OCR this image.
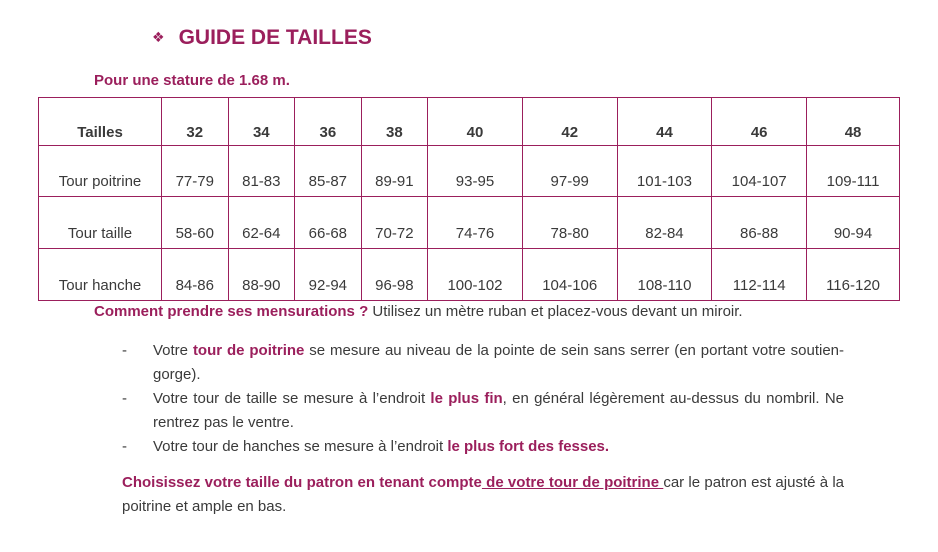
❖ GUIDE DE TAILLES
Pour une stature de 1.68 m.
Tailles	32	34	36	38	40	42	44	46	48
Tour poitrine	77-79	81-83	85-87	89-91	93-95	97-99	101-103	104-107	109-111
Tour taille	58-60	62-64	66-68	70-72	74-76	78-80	82-84	86-88	90-94
Tour hanche	84-86	88-90	92-94	96-98	100-102	104-106	108-110	112-114	116-120
Comment prendre ses mensurations ? Utilisez un mètre ruban et placez-vous devant un miroir.
- Votre tour de poitrine se mesure au niveau de la pointe de sein sans serrer (en portant votre soutien-gorge).
- Votre tour de taille se mesure à l’endroit le plus fin, en général légèrement au-dessus du nombril. Ne rentrez pas le ventre.
- Votre tour de hanches se mesure à l’endroit le plus fort des fesses.
Choisissez votre taille du patron en tenant compte de votre tour de poitrine car le patron est ajusté à la poitrine et ample en bas.
